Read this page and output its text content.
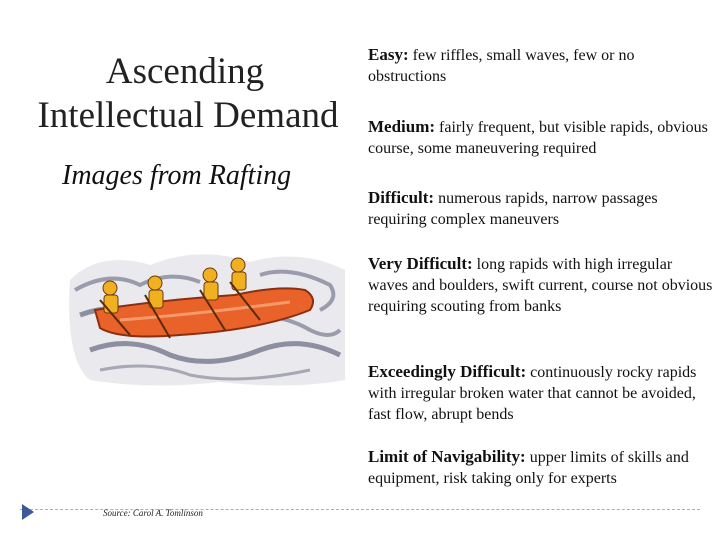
Ascending
Intellectual Demand
Images from Rafting
Easy: few riffles, small waves, few or no obstructions
Medium: fairly frequent, but visible rapids, obvious course, some maneuvering required
Difficult: numerous rapids, narrow passages requiring complex maneuvers
Very Difficult: long rapids with high irregular waves and boulders, swift current, course not obvious requiring scouting from banks
Exceedingly Difficult: continuously rocky rapids with irregular broken water that cannot be avoided, fast flow, abrupt bends
Limit of Navigability: upper limits of skills and equipment, risk taking only for experts
Source: Carol A. Tomlinson
